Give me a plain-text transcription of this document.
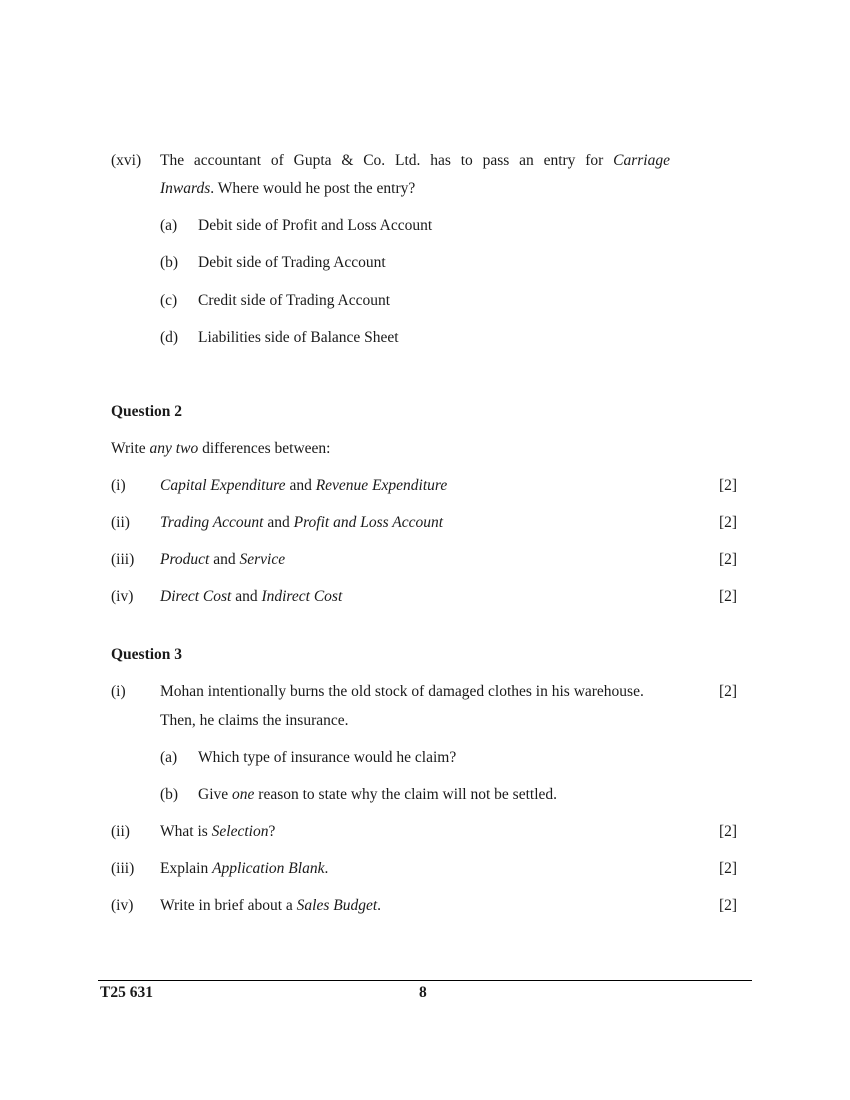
(xvi) The accountant of Gupta & Co. Ltd. has to pass an entry for Carriage
Inwards. Where would he post the entry?
(a) Debit side of Profit and Loss Account
(b) Debit side of Trading Account
(c) Credit side of Trading Account
(d) Liabilities side of Balance Sheet
Question 2
Write any two differences between:
(i) Capital Expenditure and Revenue Expenditure	[2]
(ii) Trading Account and Profit and Loss Account	[2]
(iii) Product and Service	[2]
(iv) Direct Cost and Indirect Cost	[2]
Question 3
(i) Mohan intentionally burns the old stock of damaged clothes in his warehouse.	[2]
Then, he claims the insurance.
(a) Which type of insurance would he claim?
(b) Give one reason to state why the claim will not be settled.
(ii) What is Selection?	[2]
(iii) Explain Application Blank.	[2]
(iv) Write in brief about a Sales Budget.	[2]
T25 631	8
